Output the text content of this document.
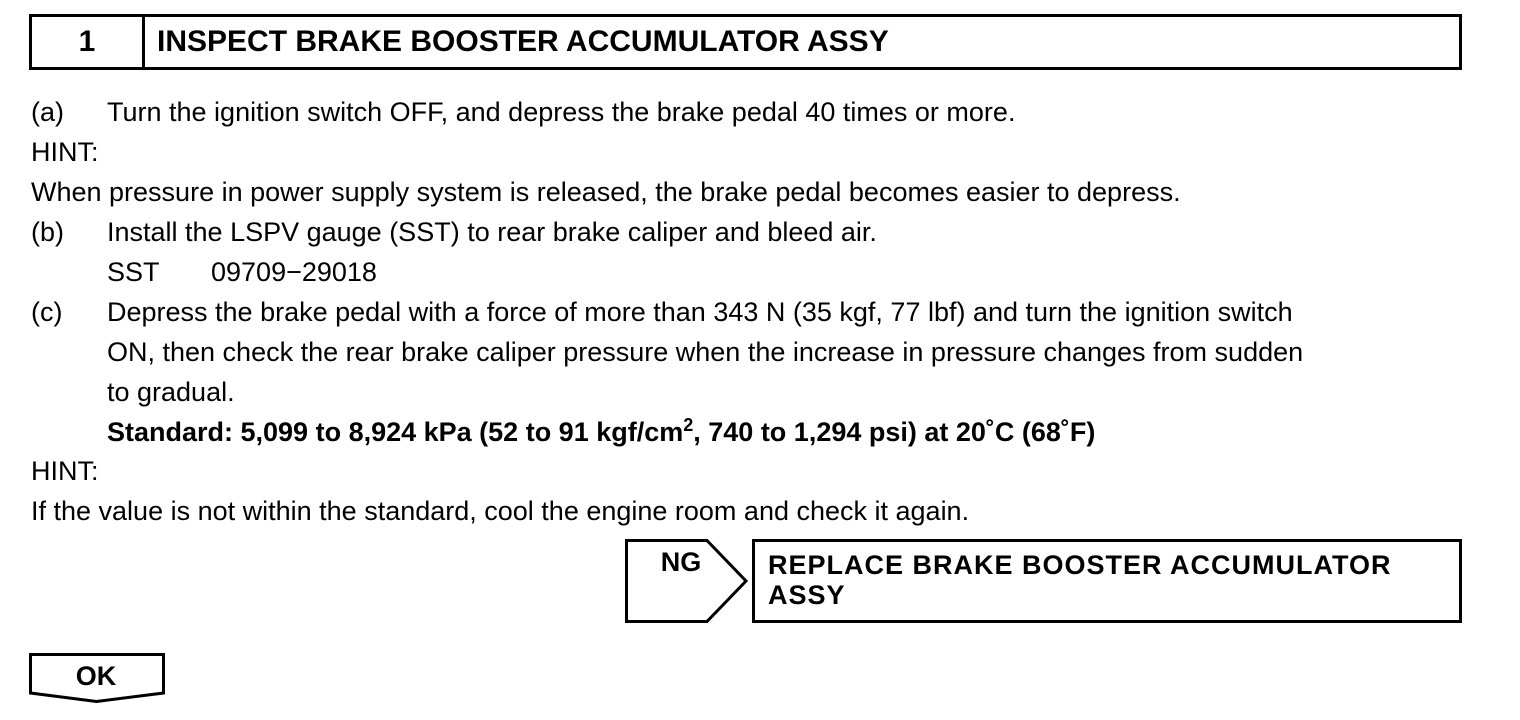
1	INSPECT BRAKE BOOSTER ACCUMULATOR ASSY
(a) Turn the ignition switch OFF, and depress the brake pedal 40 times or more.
HINT:
When pressure in power supply system is released, the brake pedal becomes easier to depress.
(b) Install the LSPV gauge (SST) to rear brake caliper and bleed air.
SST 09709−29018
(c) Depress the brake pedal with a force of more than 343 N (35 kgf, 77 lbf) and turn the ignition switch
ON, then check the rear brake caliper pressure when the increase in pressure changes from sudden
to gradual.
Standard: 5,099 to 8,924 kPa (52 to 91 kgf/$cm^2$, 740 to 1,294 psi) at 20˚C (68˚F)
HINT:
If the value is not within the standard, cool the engine room and check it again.
NG	REPLACE BRAKE BOOSTER ACCUMULATOR
ASSY
OK
